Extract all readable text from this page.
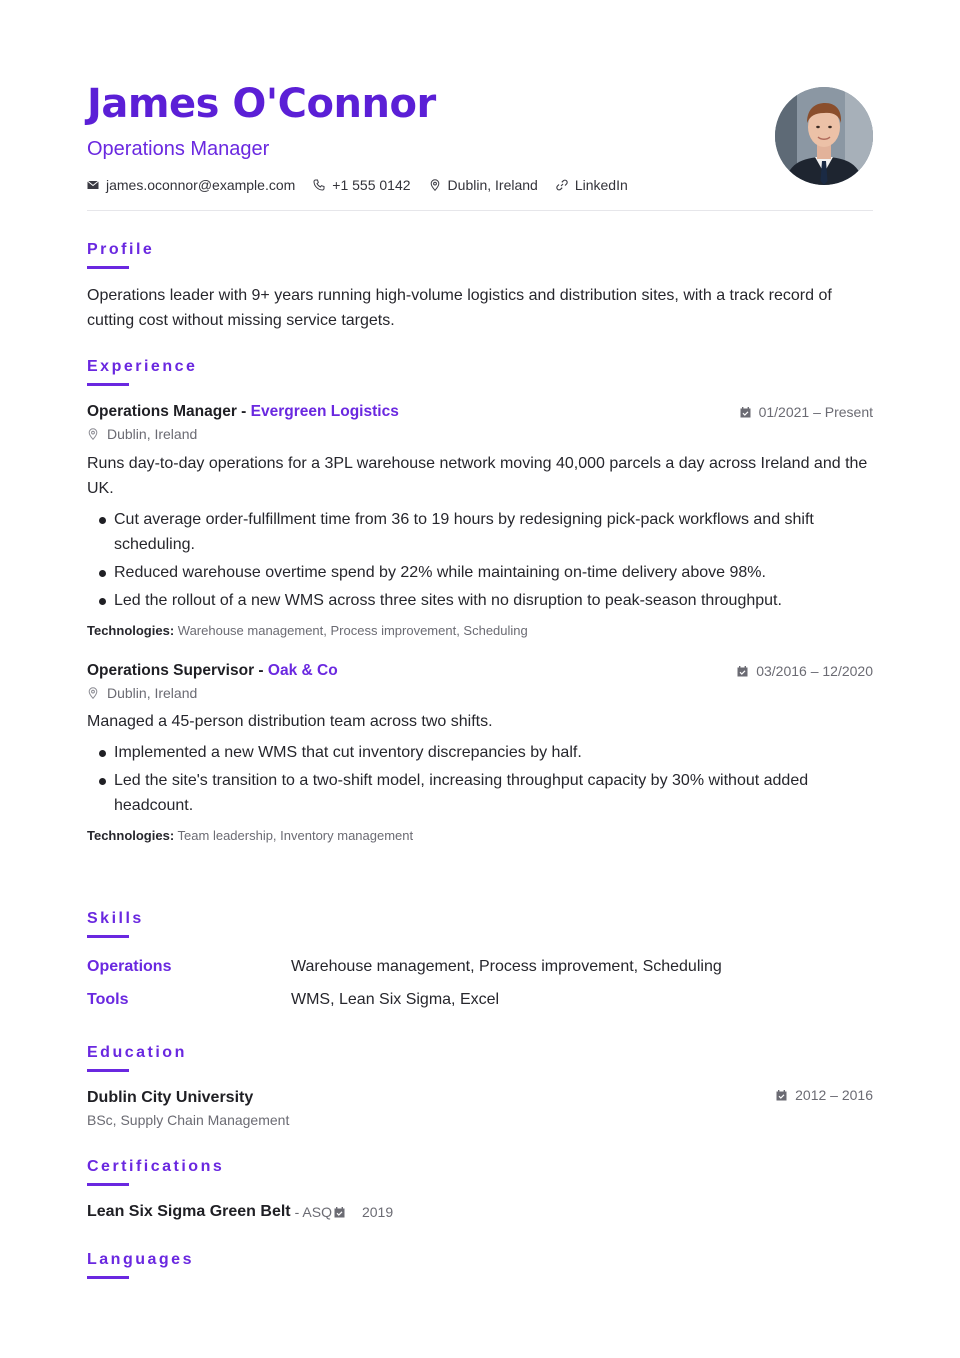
James O'Connor
Operations Manager
james.oconnor@example.com	+1 555 0142	Dublin, Ireland	LinkedIn
Profile
Operations leader with 9+ years running high-volume logistics and distribution sites, with a track record of cutting cost without missing service targets.
Experience
Operations Manager - Evergreen Logistics	01/2021 – Present
Dublin, Ireland
Runs day-to-day operations for a 3PL warehouse network moving 40,000 parcels a day across Ireland and the UK.
Cut average order-fulfillment time from 36 to 19 hours by redesigning pick-pack workflows and shift scheduling.
Reduced warehouse overtime spend by 22% while maintaining on-time delivery above 98%.
Led the rollout of a new WMS across three sites with no disruption to peak-season throughput.
Technologies: Warehouse management, Process improvement, Scheduling
Operations Supervisor - Oak & Co	03/2016 – 12/2020
Dublin, Ireland
Managed a 45-person distribution team across two shifts.
Implemented a new WMS that cut inventory discrepancies by half.
Led the site's transition to a two-shift model, increasing throughput capacity by 30% without added headcount.
Technologies: Team leadership, Inventory management
Skills
Operations	Warehouse management, Process improvement, Scheduling
Tools	WMS, Lean Six Sigma, Excel
Education
Dublin City University
BSc, Supply Chain Management
2012 – 2016
Certifications
Lean Six Sigma Green Belt - ASQ 2019
Languages
